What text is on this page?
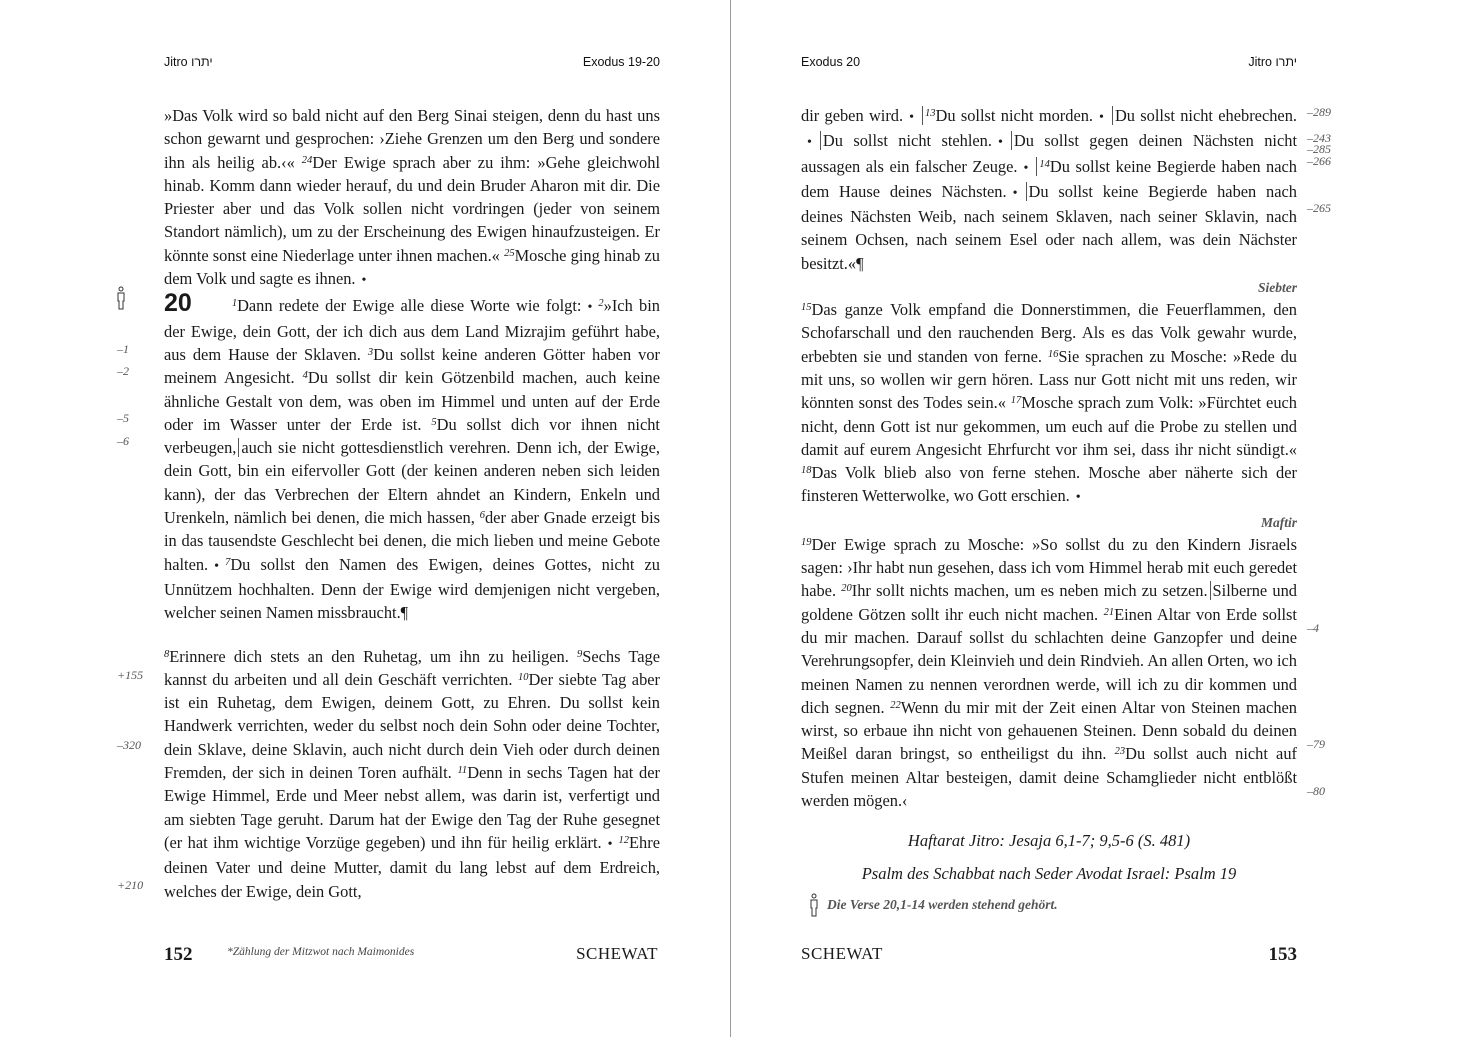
Jitro יתרו	Exodus 19-20
–1
–2
–5
–6
+155
–320
+210

»Das Volk wird so bald nicht auf den Berg Sinai steigen, denn du hast uns schon gewarnt und gesprochen: ›Ziehe Grenzen um den Berg und sondere ihn als heilig ab.‹« $^{24}$Der Ewige sprach aber zu ihm: »Gehe gleichwohl hinab. Komm dann wieder herauf, du und dein Bruder Aharon mit dir. Die Priester aber und das Volk sollen nicht vordringen (jeder von seinem Standort nämlich), um zu der Erscheinung des Ewigen hinaufzusteigen. Er könnte sonst eine Niederlage unter ihnen machen.« $^{25}$Mosche ging hinab zu dem Volk und sagte es ihnen. •

20	$^1$Dann redete der Ewige alle diese Worte wie folgt: • $^2$»Ich bin der Ewige, dein Gott, der ich dich aus dem Land Mizrajim geführt habe, aus dem Hause der Sklaven. $^3$Du sollst keine anderen Götter haben vor meinem Angesicht. $^4$Du sollst dir kein Götzenbild machen, auch keine ähnliche Gestalt von dem, was oben im Himmel und unten auf der Erde oder im Wasser unter der Erde ist. $^5$Du sollst dich vor ihnen nicht verbeugen, auch sie nicht gottesdienstlich verehren. Denn ich, der Ewige, dein Gott, bin ein eifervoller Gott (der keinen anderen neben sich leiden kann), der das Verbrechen der Eltern ahndet an Kindern, Enkeln und Urenkeln, nämlich bei denen, die mich hassen, $^6$der aber Gnade erzeigt bis in das tausendste Geschlecht bei denen, die mich lieben und meine Gebote halten. • $^7$Du sollst den Namen des Ewigen, deines Gottes, nicht zu Unnützem hochhalten. Denn der Ewige wird demjenigen nicht vergeben, welcher seinen Namen missbraucht.¶

$^8$Erinnere dich stets an den Ruhetag, um ihn zu heiligen. $^9$Sechs Tage kannst du arbeiten und all dein Geschäft verrichten. $^{10}$Der siebte Tag aber ist ein Ruhetag, dem Ewigen, deinem Gott, zu Ehren. Du sollst kein Handwerk verrichten, weder du selbst noch dein Sohn oder deine Tochter, dein Sklave, deine Sklavin, auch nicht durch dein Vieh oder durch deinen Fremden, der sich in deinen Toren aufhält. $^{11}$Denn in sechs Tagen hat der Ewige Himmel, Erde und Meer nebst allem, was darin ist, verfertigt und am siebten Tage geruht. Darum hat der Ewige den Tag der Ruhe gesegnet (er hat ihm wichtige Vorzüge gegeben) und ihn für heilig erklärt. • $^{12}$Ehre deinen Vater und deine Mutter, damit du lang lebst auf dem Erdreich, welches der Ewige, dein Gott,

152	*Zählung der Mitzwot nach Maimonides	SCHEWAT
Exodus 20	Jitro יתרו
–289
–243
–285
–266
–265
–4
–79
–80

dir geben wird. • $^{13}$Du sollst nicht morden. • Du sollst nicht ehebrechen.• Du sollst nicht stehlen. • Du sollst gegen deinen Nächsten nicht aussagen als ein falscher Zeuge. • $^{14}$Du sollst keine Begierde haben nach dem Hause deines Nächsten. • Du sollst keine Begierde haben nach deines Nächsten Weib, nach seinem Sklaven, nach seiner Sklavin, nach seinem Ochsen, nach seinem Esel oder nach allem, was dein Nächster besitzt.«¶

Siebter

$^{15}$Das ganze Volk empfand die Donnerstimmen, die Feuerflammen, den Schofarschall und den rauchenden Berg. Als es das Volk gewahr wurde, erbebten sie und standen von ferne. $^{16}$Sie sprachen zu Mosche: »Rede du mit uns, so wollen wir gern hören. Lass nur Gott nicht mit uns reden, wir könnten sonst des Todes sein.« $^{17}$Mosche sprach zum Volk: »Fürchtet euch nicht, denn Gott ist nur gekommen, um euch auf die Probe zu stellen und damit auf eurem Angesicht Ehrfurcht vor ihm sei, dass ihr nicht sündigt.« $^{18}$Das Volk blieb also von ferne stehen. Mosche aber näherte sich der finsteren Wetterwolke, wo Gott erschien. •

Maftir

$^{19}$Der Ewige sprach zu Mosche: »So sollst du zu den Kindern Jisraels sagen: ›Ihr habt nun gesehen, dass ich vom Himmel herab mit euch geredet habe. $^{20}$Ihr sollt nichts machen, um es neben mich zu setzen. Silberne und goldene Götzen sollt ihr euch nicht machen. $^{21}$Einen Altar von Erde sollst du mir machen. Darauf sollst du schlachten deine Ganzopfer und deine Verehrungsopfer, dein Kleinvieh und dein Rindvieh. An allen Orten, wo ich meinen Namen zu nennen verordnen werde, will ich zu dir kommen und dich segnen. $^{22}$Wenn du mir mit der Zeit einen Altar von Steinen machen wirst, so erbaue ihn nicht von gehauenen Steinen. Denn sobald du deinen Meißel daran bringst, so entheiligst du ihn. $^{23}$Du sollst auch nicht auf Stufen meinen Altar besteigen, damit deine Schamglieder nicht entblößt werden mögen.‹

Haftarat Jitro: Jesaja 6,1-7; 9,5-6 (S. 481)
Psalm des Schabbat nach Seder Avodat Israel: Psalm 19
Die Verse 20,1-14 werden stehend gehört.
SCHEWAT	153
